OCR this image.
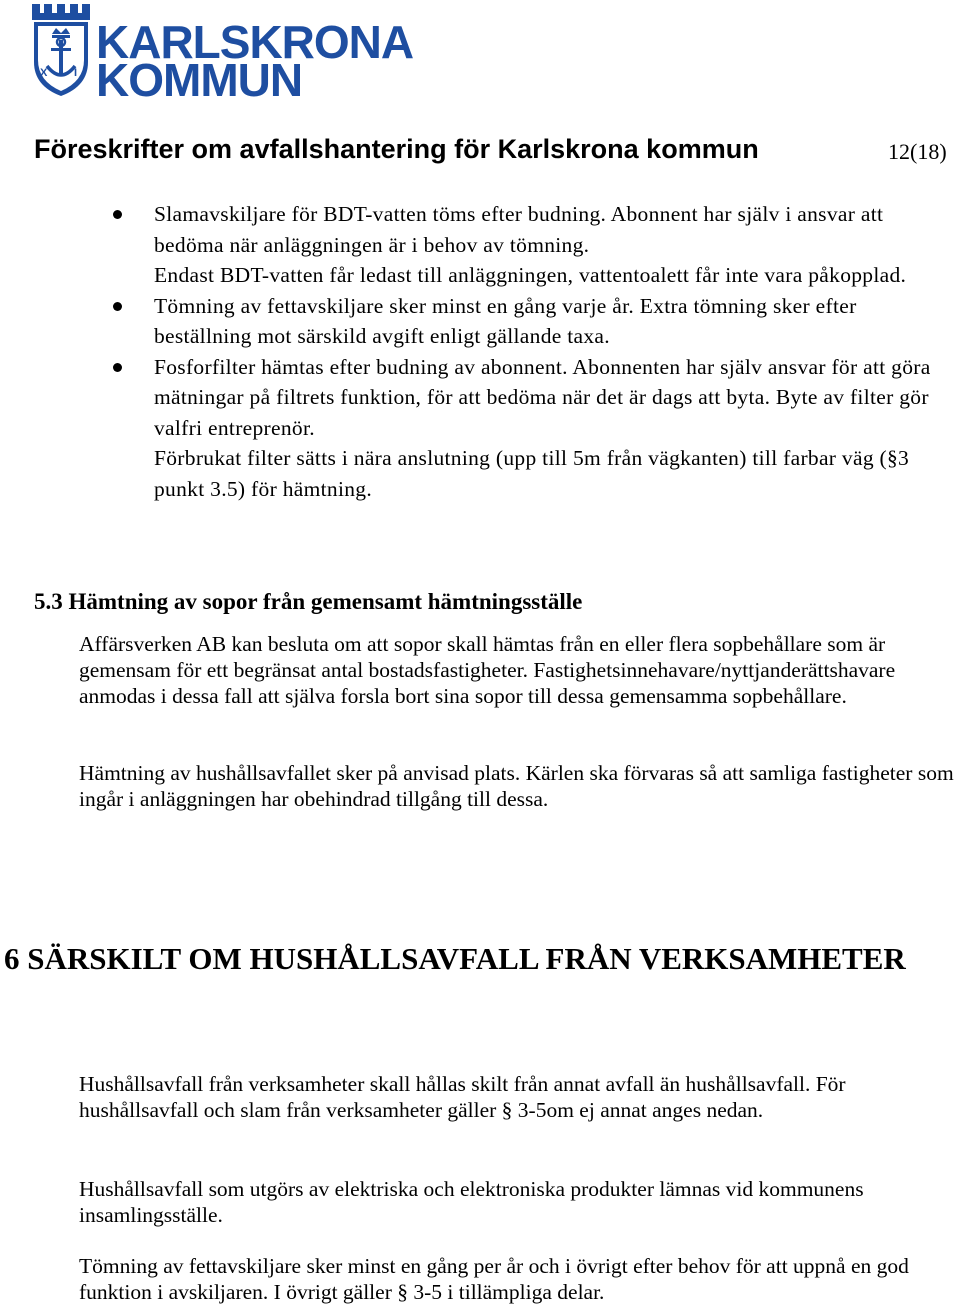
X I
KARLSKRONA
KOMMUN
Föreskrifter om avfallshantering för Karlskrona kommun	12(18)
Slamavskiljare för BDT-vatten töms efter budning. Abonnent har själv i ansvar att bedöma när anläggningen är i behov av tömning.
Endast BDT-vatten får ledast till anläggningen, vattentoalett får inte vara påkopplad.
Tömning av fettavskiljare sker minst en gång varje år. Extra tömning sker efter beställning mot särskild avgift enligt gällande taxa.
Fosforfilter hämtas efter budning av abonnent. Abonnenten har själv ansvar för att göra mätningar på filtrets funktion, för att bedöma när det är dags att byta. Byte av filter gör valfri entreprenör.
Förbrukat filter sätts i nära anslutning (upp till 5m från vägkanten) till farbar väg (§3 punkt 3.5) för hämtning.
5.3 Hämtning av sopor från gemensamt hämtningsställe

Affärsverken AB kan besluta om att sopor skall hämtas från en eller flera sopbehållare som är gemensam för ett begränsat antal bostadsfastigheter. Fastighetsinnehavare/nyttjanderättshavare anmodas i dessa fall att själva forsla bort sina sopor till dessa gemensamma sopbehållare.

Hämtning av hushållsavfallet sker på anvisad plats. Kärlen ska förvaras så att samliga fastigheter som ingår i anläggningen har obehindrad tillgång till dessa.

6 SÄRSKILT OM HUSHÅLLSAVFALL FRÅN VERKSAMHETER

Hushållsavfall från verksamheter skall hållas skilt från annat avfall än hushållsavfall. För hushållsavfall och slam från verksamheter gäller § 3-5om ej annat anges nedan.

Hushållsavfall som utgörs av elektriska och elektroniska produkter lämnas vid kommunens insamlingsställe.

Tömning av fettavskiljare sker minst en gång per år och i övrigt efter behov för att uppnå en god funktion i avskiljaren. I övrigt gäller § 3-5 i tillämpliga delar.
